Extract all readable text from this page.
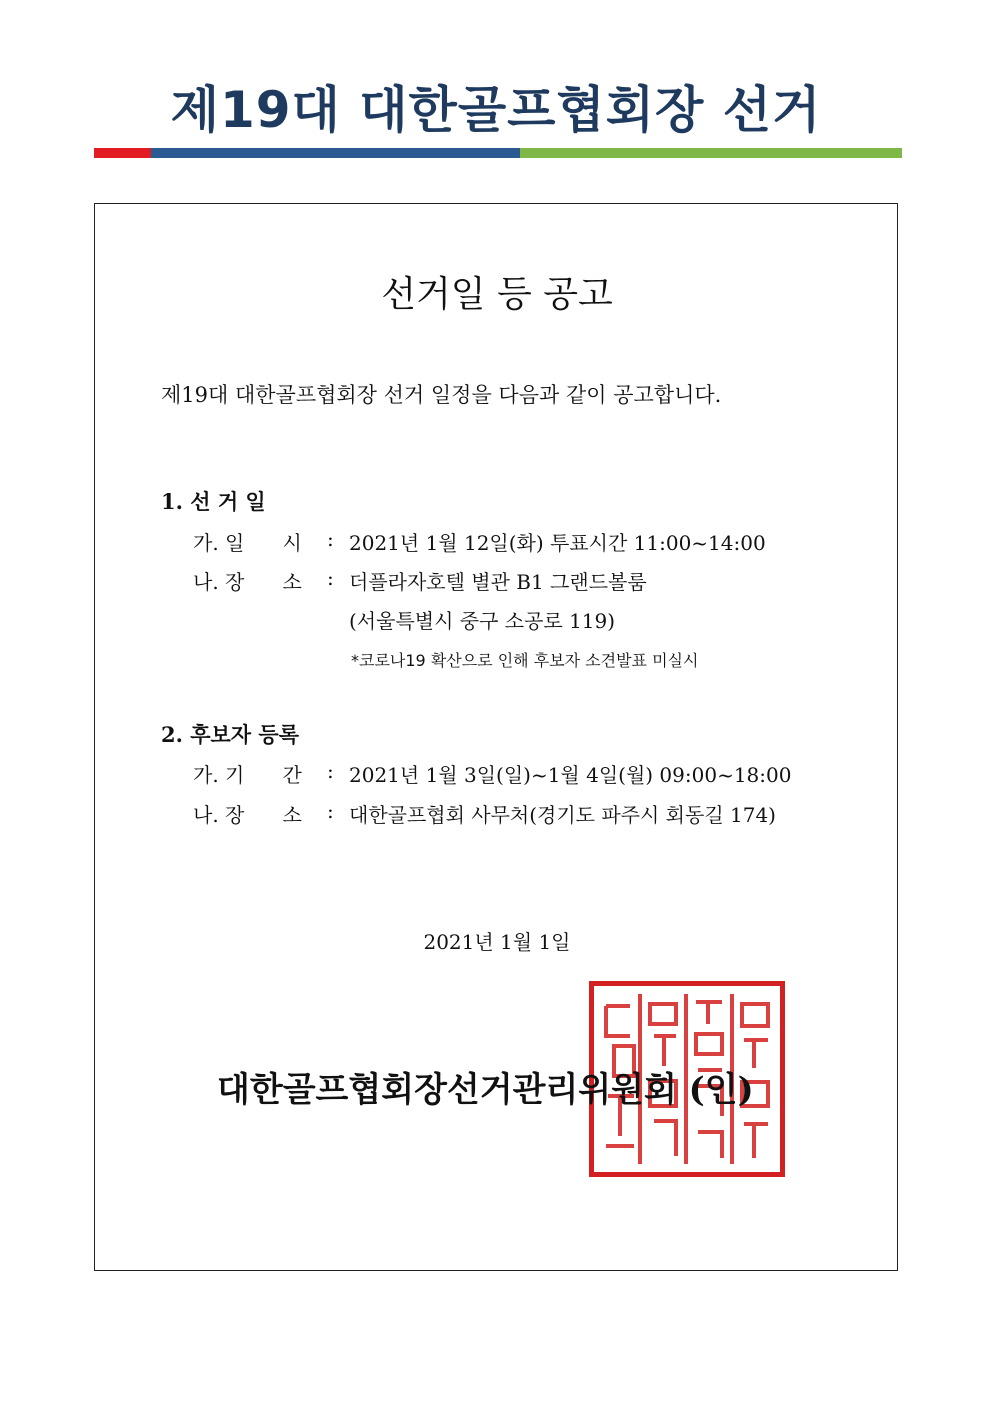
제19대 대한골프협회장 선거
선거일 등 공고
제19대 대한골프협회장 선거 일정을 다음과 같이 공고합니다.
1. 선 거 일
가. 일      시 : 2021년 1월 12일(화) 투표시간 11:00~14:00
나. 장      소 : 더플라자호텔 별관 B1 그랜드볼룸
(서울특별시 중구 소공로 119)
*코로나19 확산으로 인해 후보자 소견발표 미실시
2. 후보자 등록
가. 기      간 : 2021년 1월 3일(일)~1월 4일(월) 09:00~18:00
나. 장      소 : 대한골프협회 사무처(경기도 파주시 회동길 174)
2021년 1월 1일
대한골프협회장선거관리위원회 (인)
